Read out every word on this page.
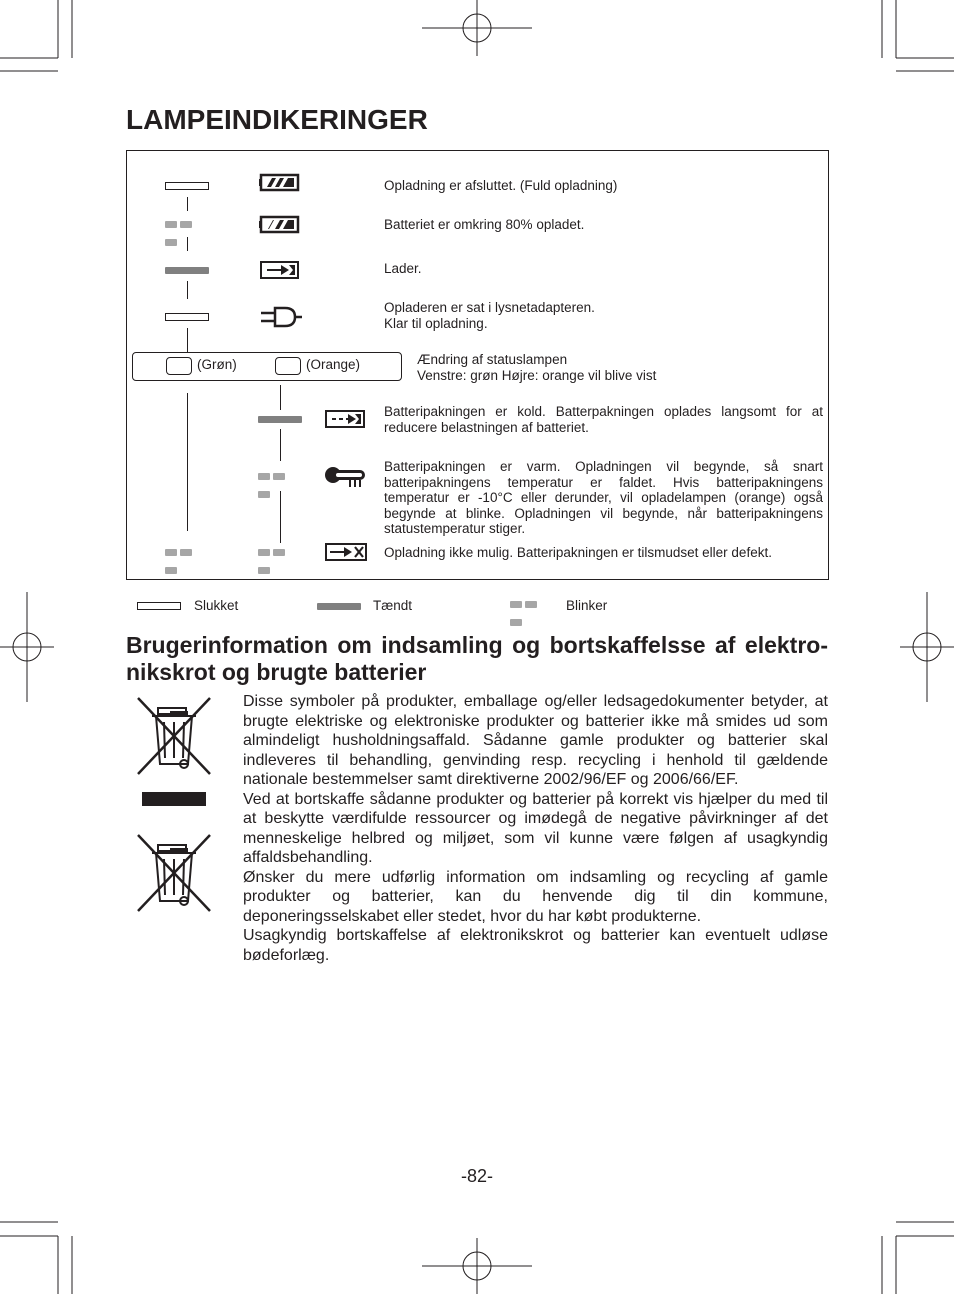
LAMPEINDIKERINGER
Opladning er afsluttet. (Fuld opladning)
Batteriet er omkring 80% opladet.
Lader.
Opladeren er sat i lysnetadapteren.
Klar til opladning.
(Grøn)	(Orange)	Ændring af statuslampen
Venstre: grøn Højre: orange vil blive vist
Batteripakningen er kold. Batterpakningen oplades langsomt for at reducere belastningen af batteriet.
Batteripakningen er varm. Opladningen vil begynde, så snart batteripakningens temperatur er faldet. Hvis batteripakningens temperatur er -10°C eller derunder, vil opladelampen (orange) også begynde at blinke. Opladningen vil begynde, når batteripakningens statustemperatur stiger.
Opladning ikke mulig. Batteripakningen er tilsmudset eller defekt.
Slukket	Tændt	Blinker
Brugerinformation om indsamling og bortskaffelsse af elektro-nikskrot og brugte batterier

Disse symboler på produkter, emballage og/eller ledsagedokumenter betyder, at brugte elektriske og elektroniske produkter og batterier ikke må smides ud som almindeligt husholdningsaffald. Sådanne gamle produkter og batterier skal indleveres til behandling, genvinding resp. recycling i henhold til gældende nationale bestemmelser samt direktiverne 2002/96/EF og 2006/66/EF.

Ved at bortskaffe sådanne produkter og batterier på korrekt vis hjælper du med til at beskytte værdifulde ressourcer og imødegå de negative påvirkninger af det menneskelige helbred og miljøet, som vil kunne være følgen af usagkyndig affaldsbehandling.

Ønsker du mere udførlig information om indsamling og recycling af gamle produkter og batterier, kan du henvende dig til din kommune, deponeringsselskabet eller stedet, hvor du har købt produkterne.

Usagkyndig bortskaffelse af elektronikskrot og batterier kan eventuelt udløse bødeforlæg.

-82-
